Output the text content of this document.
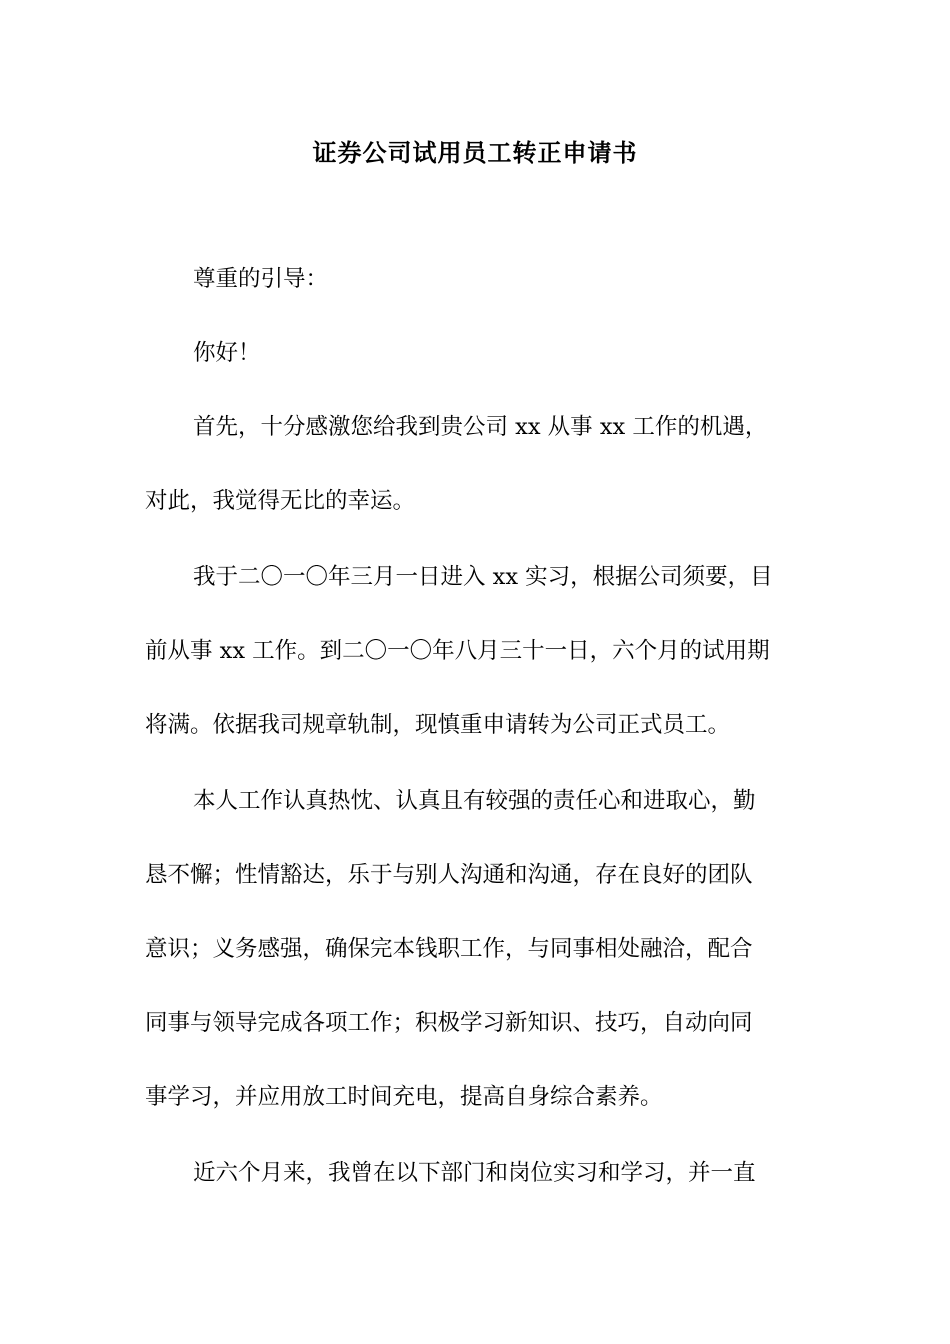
证券公司试用员工转正申请书
尊重的引导：
你好！
首先，十分感激您给我到贵公司 xx 从事 xx 工作的机遇，
对此，我觉得无比的幸运。
我于二〇一〇年三月一日进入 xx 实习，根据公司须要，目
前从事 xx 工作。到二〇一〇年八月三十一日，六个月的试用期
将满。依据我司规章轨制，现慎重申请转为公司正式员工。
本人工作认真热忱、认真且有较强的责任心和进取心，勤
恳不懈；性情豁达，乐于与别人沟通和沟通，存在良好的团队
意识；义务感强，确保完本钱职工作，与同事相处融洽，配合
同事与领导完成各项工作；积极学习新知识、技巧，自动向同
事学习，并应用放工时间充电，提高自身综合素养。
近六个月来，我曾在以下部门和岗位实习和学习，并一直
